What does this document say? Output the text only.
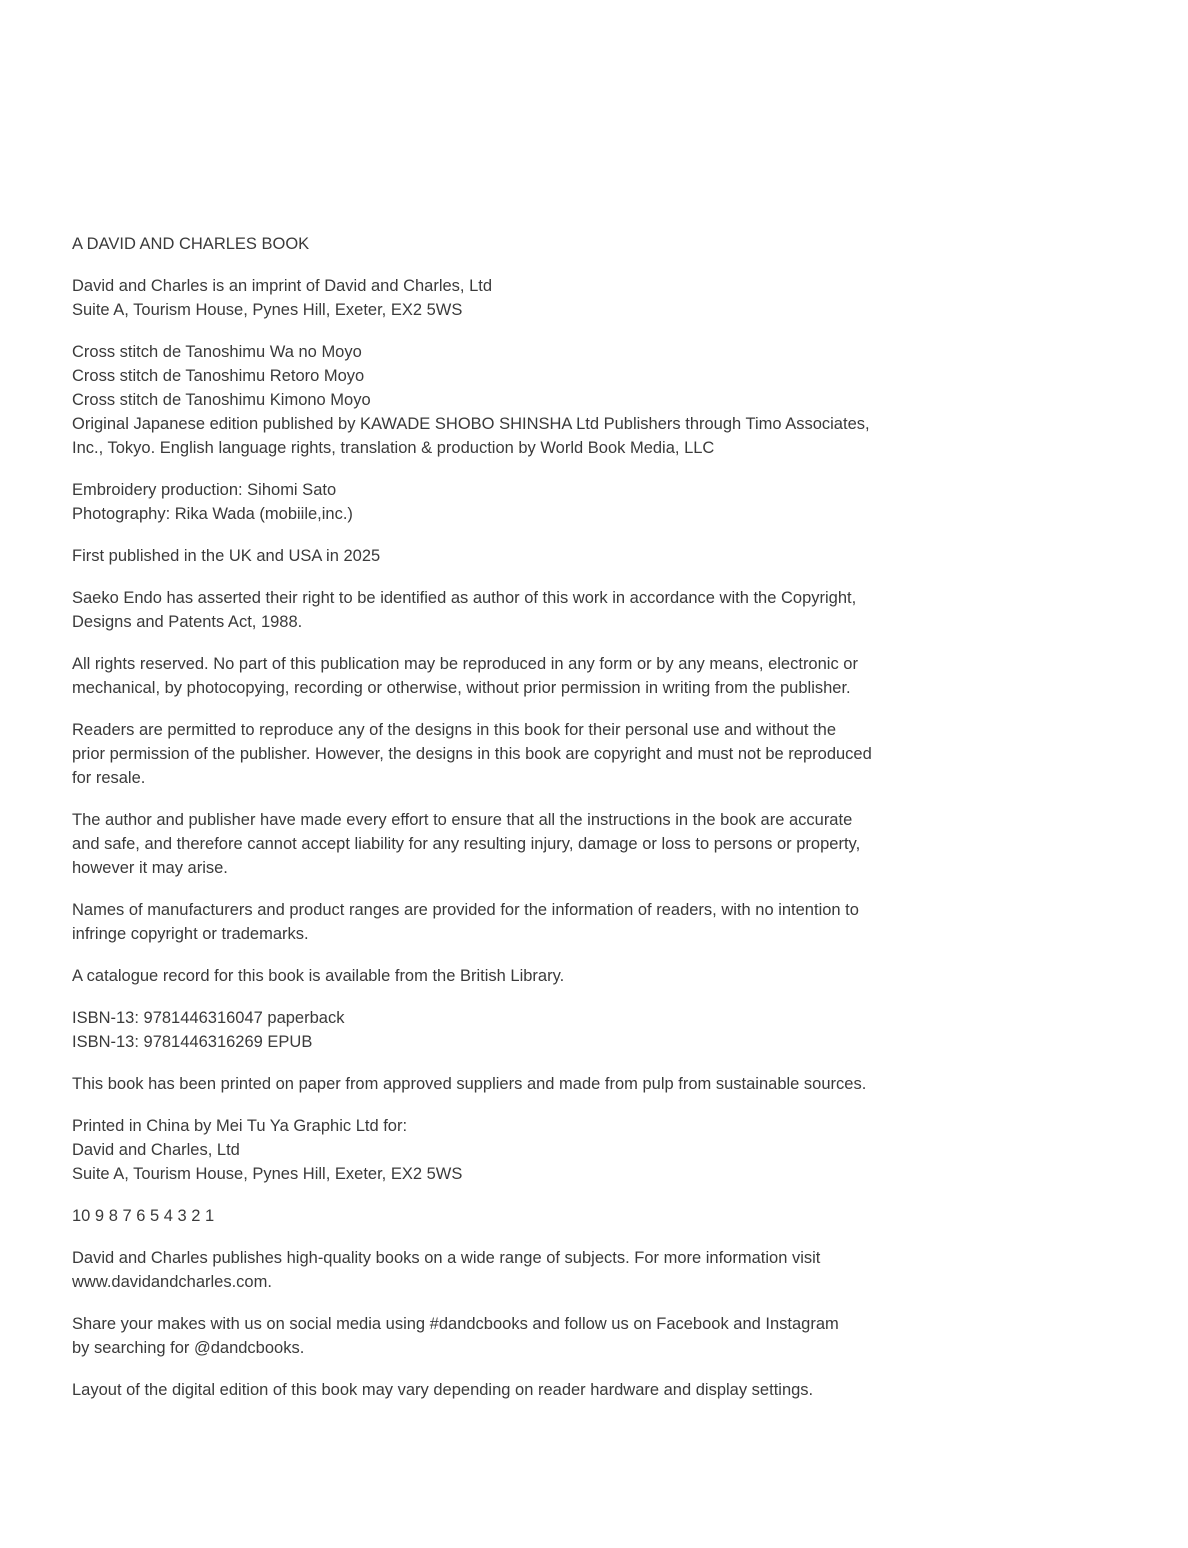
A DAVID AND CHARLES BOOK

David and Charles is an imprint of David and Charles, Ltd
Suite A, Tourism House, Pynes Hill, Exeter, EX2 5WS

Cross stitch de Tanoshimu Wa no Moyo
Cross stitch de Tanoshimu Retoro Moyo
Cross stitch de Tanoshimu Kimono Moyo
Original Japanese edition published by KAWADE SHOBO SHINSHA Ltd Publishers through Timo Associates,
Inc., Tokyo. English language rights, translation & production by World Book Media, LLC

Embroidery production: Sihomi Sato
Photography: Rika Wada (mobiile,inc.)

First published in the UK and USA in 2025

Saeko Endo has asserted their right to be identified as author of this work in accordance with the Copyright,
Designs and Patents Act, 1988.

All rights reserved. No part of this publication may be reproduced in any form or by any means, electronic or
mechanical, by photocopying, recording or otherwise, without prior permission in writing from the publisher.

Readers are permitted to reproduce any of the designs in this book for their personal use and without the
prior permission of the publisher. However, the designs in this book are copyright and must not be reproduced
for resale.

The author and publisher have made every effort to ensure that all the instructions in the book are accurate
and safe, and therefore cannot accept liability for any resulting injury, damage or loss to persons or property,
however it may arise.

Names of manufacturers and product ranges are provided for the information of readers, with no intention to
infringe copyright or trademarks.

A catalogue record for this book is available from the British Library.

ISBN-13: 9781446316047 paperback
ISBN-13: 9781446316269 EPUB

This book has been printed on paper from approved suppliers and made from pulp from sustainable sources.

Printed in China by Mei Tu Ya Graphic Ltd for:
David and Charles, Ltd
Suite A, Tourism House, Pynes Hill, Exeter, EX2 5WS

10 9 8 7 6 5 4 3 2 1

David and Charles publishes high-quality books on a wide range of subjects. For more information visit
www.davidandcharles.com.

Share your makes with us on social media using #dandcbooks and follow us on Facebook and Instagram
by searching for @dandcbooks.

Layout of the digital edition of this book may vary depending on reader hardware and display settings.
